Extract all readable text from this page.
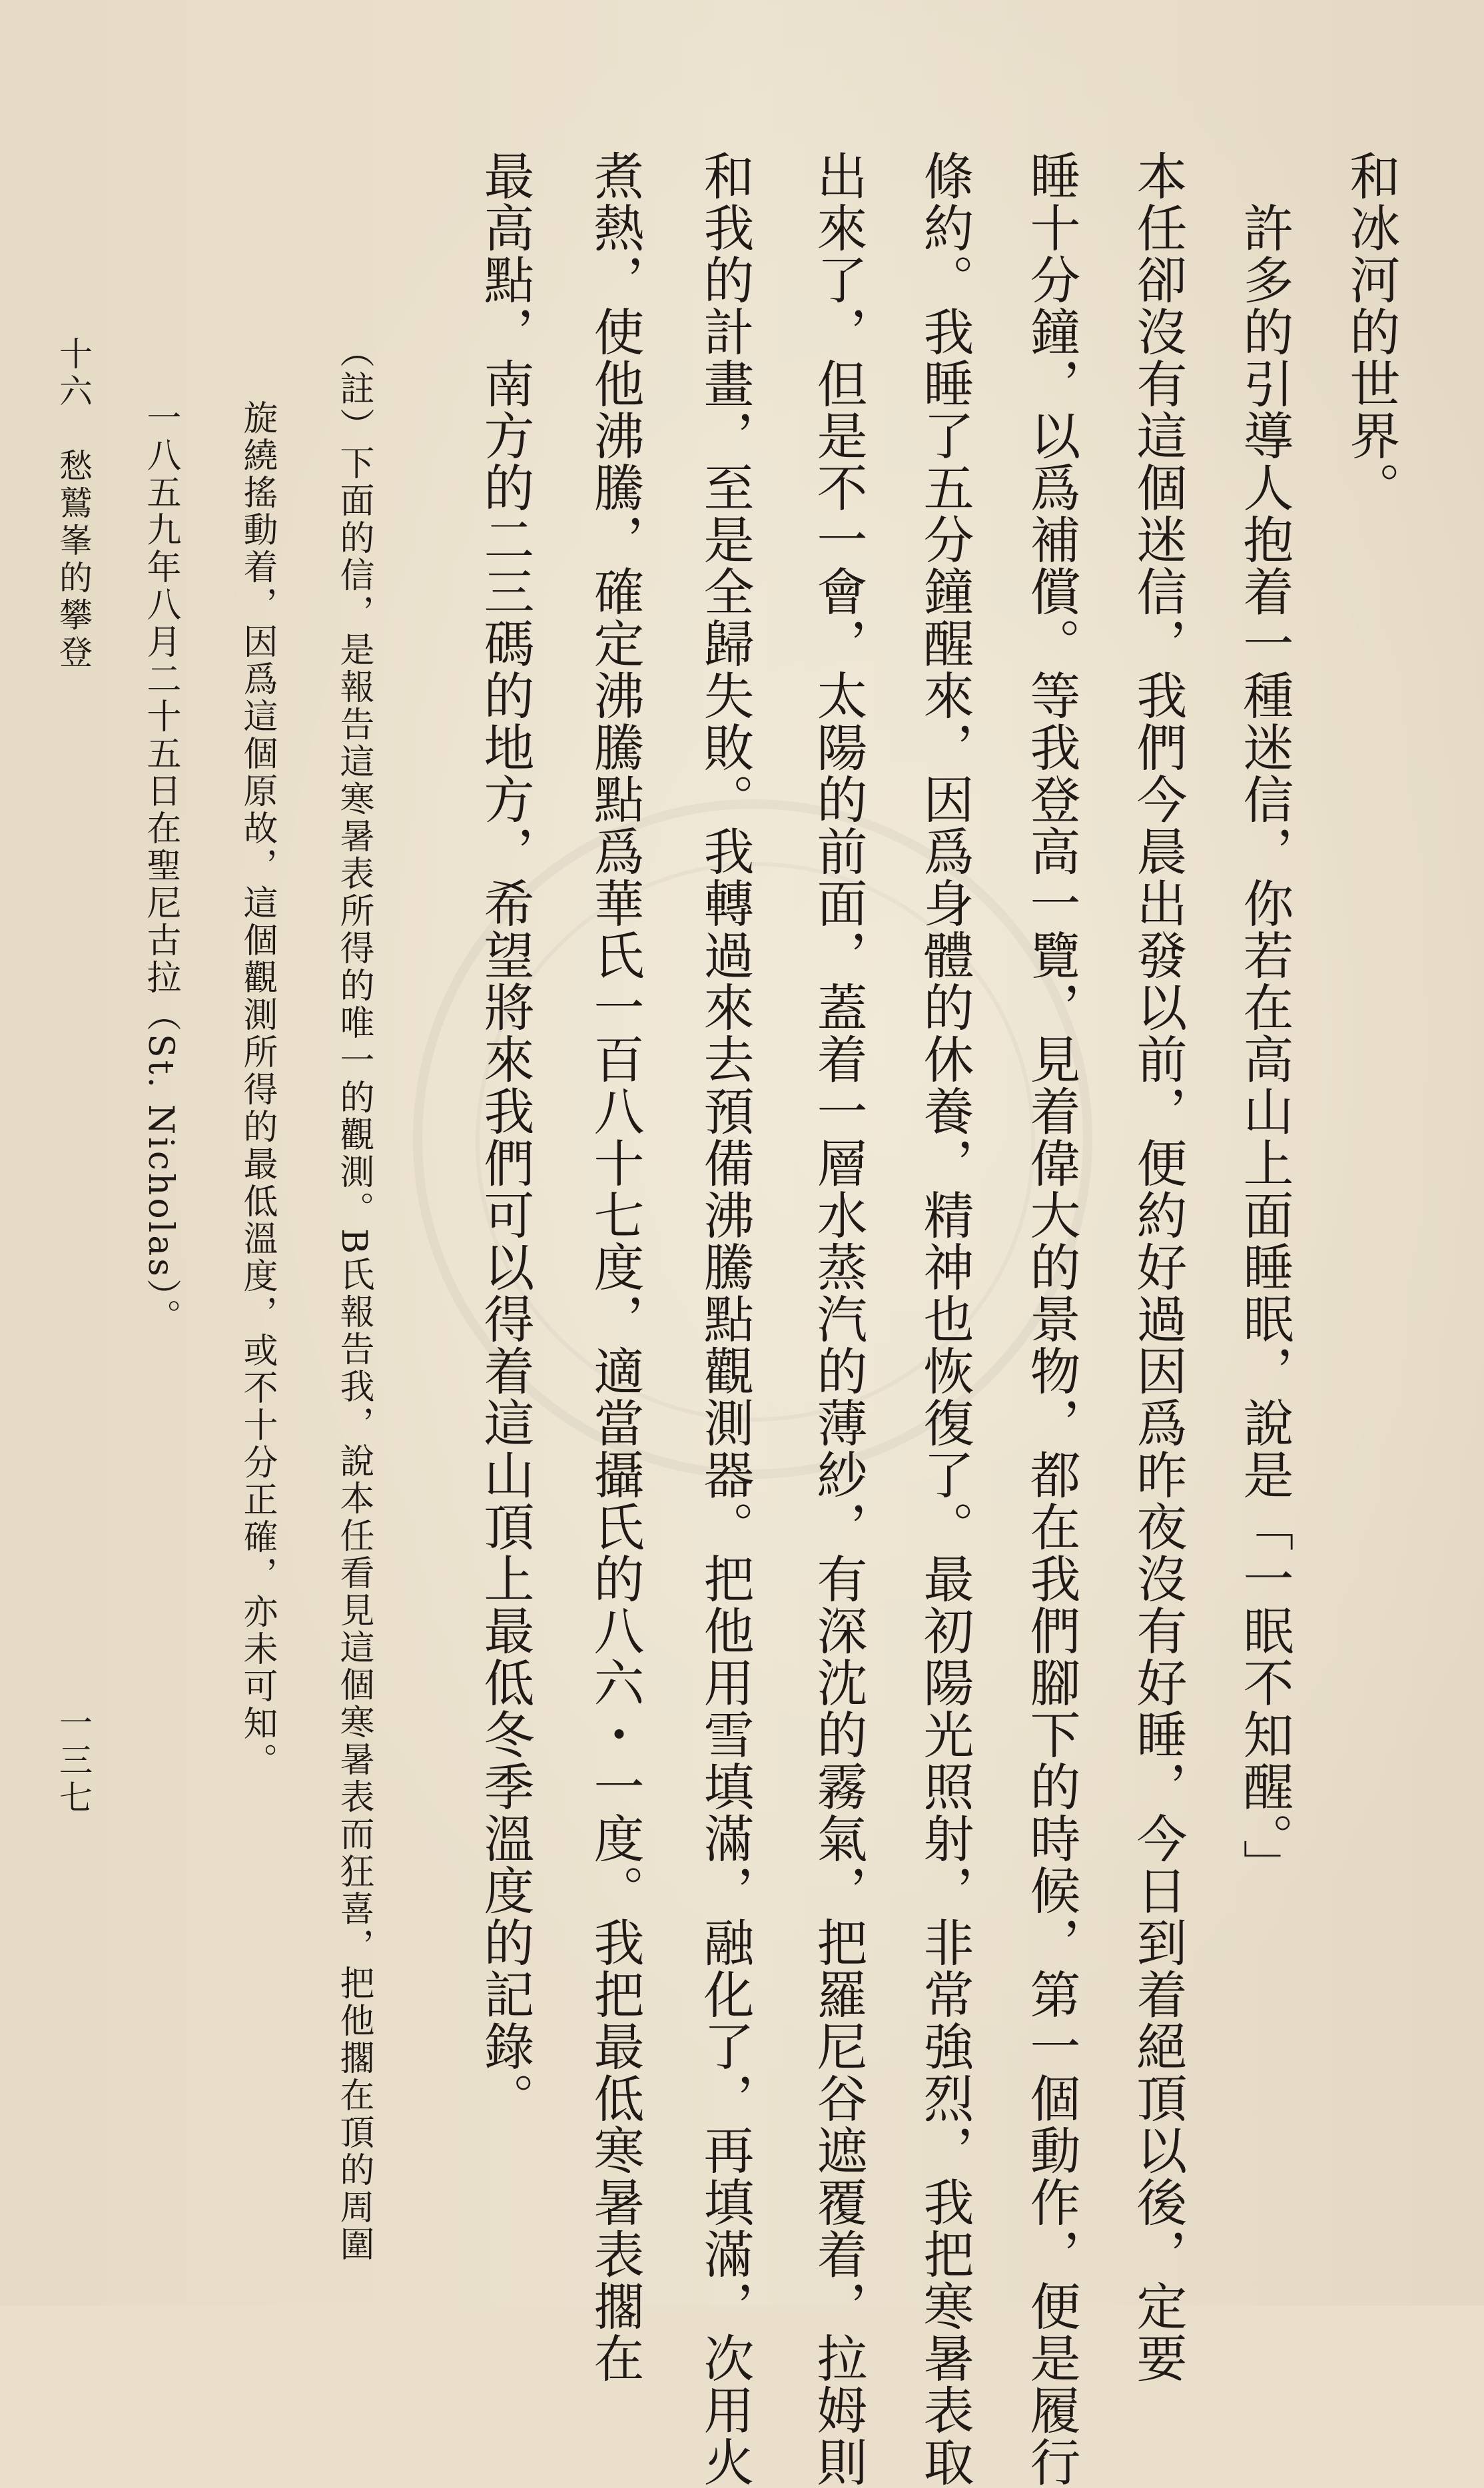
和冰河的世界。
　許多的引導人抱着一種迷信，你若在高山上面睡眠，說是「一眠不知醒。」
本任卻沒有這個迷信，我們今晨出發以前，便約好過因爲昨夜沒有好睡，今日到着絕頂以後，定要
睡十分鐘，以爲補償。等我登高一覽，見着偉大的景物，都在我們腳下的時候，第一個動作，便是履行
條約。我睡了五分鐘醒來，因爲身體的休養，精神也恢復了。最初陽光照射，非常強烈，我把寒暑表取
出來了，但是不一會，太陽的前面，蓋着一層水蒸汽的薄紗，有深沈的霧氣，把羅尼谷遮覆着，拉姆則
和我的計畫，至是全歸失敗。我轉過來去預備沸騰點觀測器。把他用雪填滿，融化了，再填滿，次用火
煮熱，使他沸騰，確定沸騰點爲華氏一百八十七度，適當攝氏的八六・一度。我把最低寒暑表擱在
最高點，南方的二三碼的地方，希望將來我們可以得着這山頂上最低冬季溫度的記錄。
（註）下面的信，是報告這寒暑表所得的唯一的觀測。B氏報告我，說本任看見這個寒暑表而狂喜，把他擱在頂的周圍
旋繞搖動着，因爲這個原故，這個觀測所得的最低溫度，或不十分正確，亦未可知。
一八五九年八月二十五日在聖尼古拉（St. Nicholas）。
十六　愁鷲峯的攀登
一三七
